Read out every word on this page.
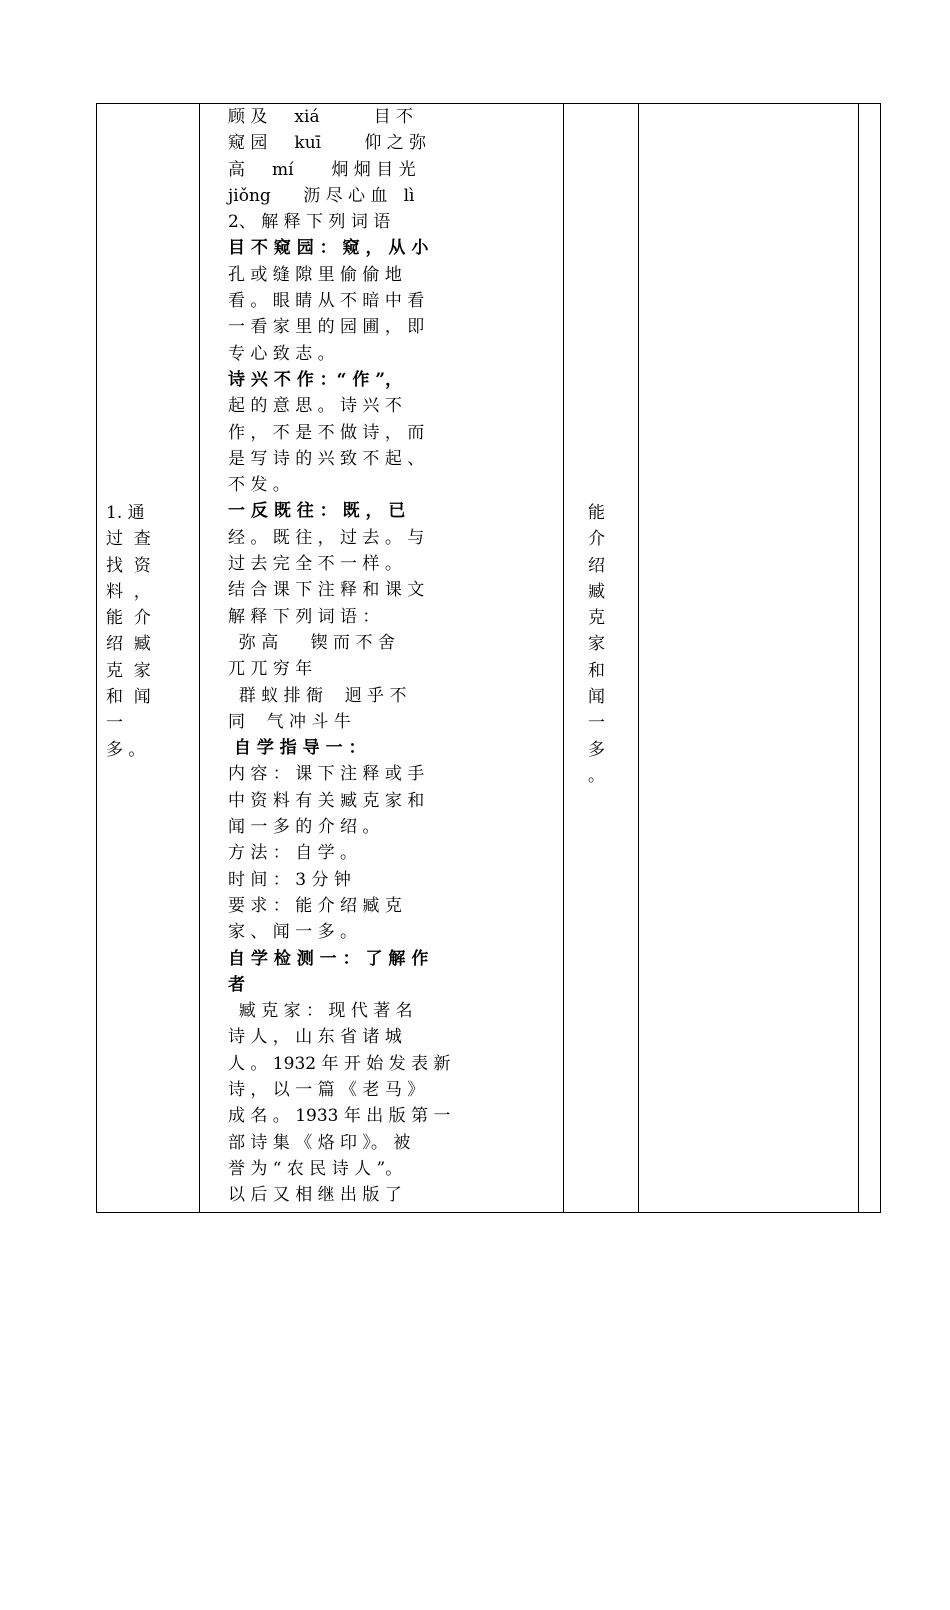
1. 通
过  查
找  资
料  ，
能  介
绍  臧
克  家
和  闻
一
多 。
顾 及     xiá          目 不
窥 园     kuī        仰 之 弥
高     mí       炯 炯 目 光
jiǒng      沥 尽 心 血   lì
2、 解 释 下 列 词 语
目 不 窥 园 ： 窥 ， 从 小
孔 或 缝 隙 里 偷 偷 地
看 。 眼 睛 从 不 暗 中 看
一 看 家 里 的 园 圃 ， 即
专 心 致 志 。
诗 兴 不 作 ：“ 作 ”，
起 的 意 思 。 诗 兴 不
作 ， 不 是 不 做 诗 ， 而
是 写 诗 的 兴 致 不 起 、
不 发 。
一 反 既 往 ： 既 ， 已
经 。 既 往 ， 过 去 。 与
过 去 完 全 不 一 样 。
结 合 课 下 注 释 和 课 文
解 释 下 列 词 语 ：
弥 高      锲 而 不 舍
兀 兀 穷 年
群 蚁 排 衙    迥 乎 不
同    气 冲 斗 牛
自 学 指 导 一 ：
内 容 ： 课 下 注 释 或 手
中 资 料 有 关 臧 克 家 和
闻 一 多 的 介 绍 。
方 法 ： 自 学 。
时 间 ： 3 分 钟
要 求 ： 能 介 绍 臧 克
家 、 闻 一 多 。
自 学 检 测 一 ： 了 解 作
者
臧 克 家 ： 现 代 著 名
诗 人 ， 山 东 省 诸 城
人 。 1932 年 开 始 发 表 新
诗 ， 以 一 篇 《 老 马 》
成 名 。 1933 年 出 版 第 一
部 诗 集 《 烙 印 》。 被
誉 为 “ 农 民 诗 人 ”。
以 后 又 相 继 出 版 了
能
介
绍
臧
克
家
和
闻
一
多
。
